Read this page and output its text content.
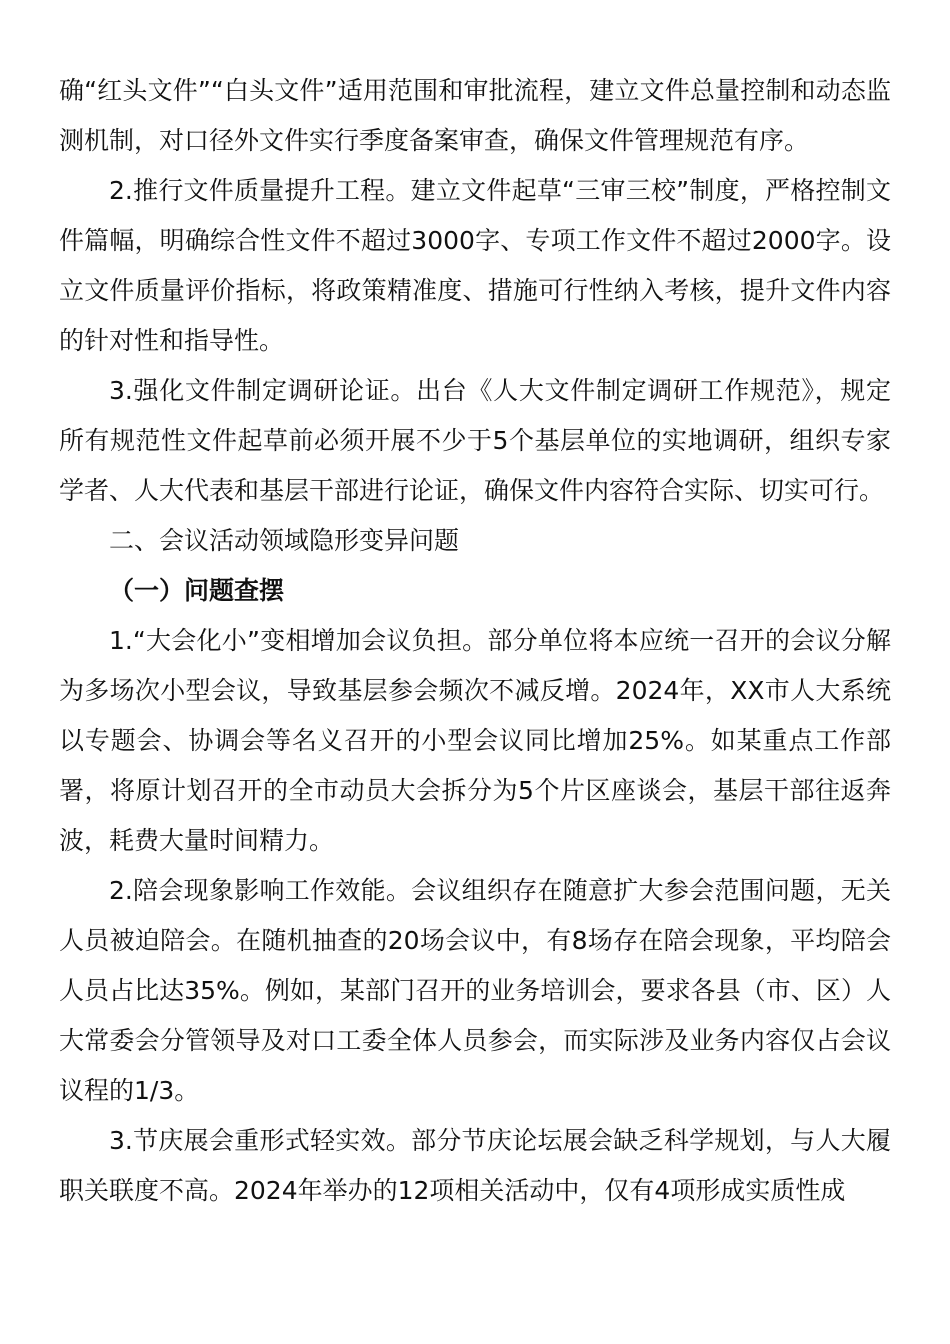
确“红头文件”“白头文件”适用范围和审批流程，建立文件总量控制和动态监测机制，对口径外文件实行季度备案审查，确保文件管理规范有序。

2.推行文件质量提升工程。建立文件起草“三审三校”制度，严格控制文件篇幅，明确综合性文件不超过3000字、专项工作文件不超过2000字。设立文件质量评价指标，将政策精准度、措施可行性纳入考核，提升文件内容的针对性和指导性。

3.强化文件制定调研论证。出台《人大文件制定调研工作规范》，规定所有规范性文件起草前必须开展不少于5个基层单位的实地调研，组织专家学者、人大代表和基层干部进行论证，确保文件内容符合实际、切实可行。

二、会议活动领域隐形变异问题

（一）问题查摆

1.“大会化小”变相增加会议负担。部分单位将本应统一召开的会议分解为多场次小型会议，导致基层参会频次不减反增。2024年，XX市人大系统以专题会、协调会等名义召开的小型会议同比增加25%。如某重点工作部署，将原计划召开的全市动员大会拆分为5个片区座谈会，基层干部往返奔波，耗费大量时间精力。

2.陪会现象影响工作效能。会议组织存在随意扩大参会范围问题，无关人员被迫陪会。在随机抽查的20场会议中，有8场存在陪会现象，平均陪会人员占比达35%。例如，某部门召开的业务培训会，要求各县（市、区）人大常委会分管领导及对口工委全体人员参会，而实际涉及业务内容仅占会议议程的1/3。

3.节庆展会重形式轻实效。部分节庆论坛展会缺乏科学规划，与人大履职关联度不高。2024年举办的12项相关活动中，仅有4项形成实质性成
